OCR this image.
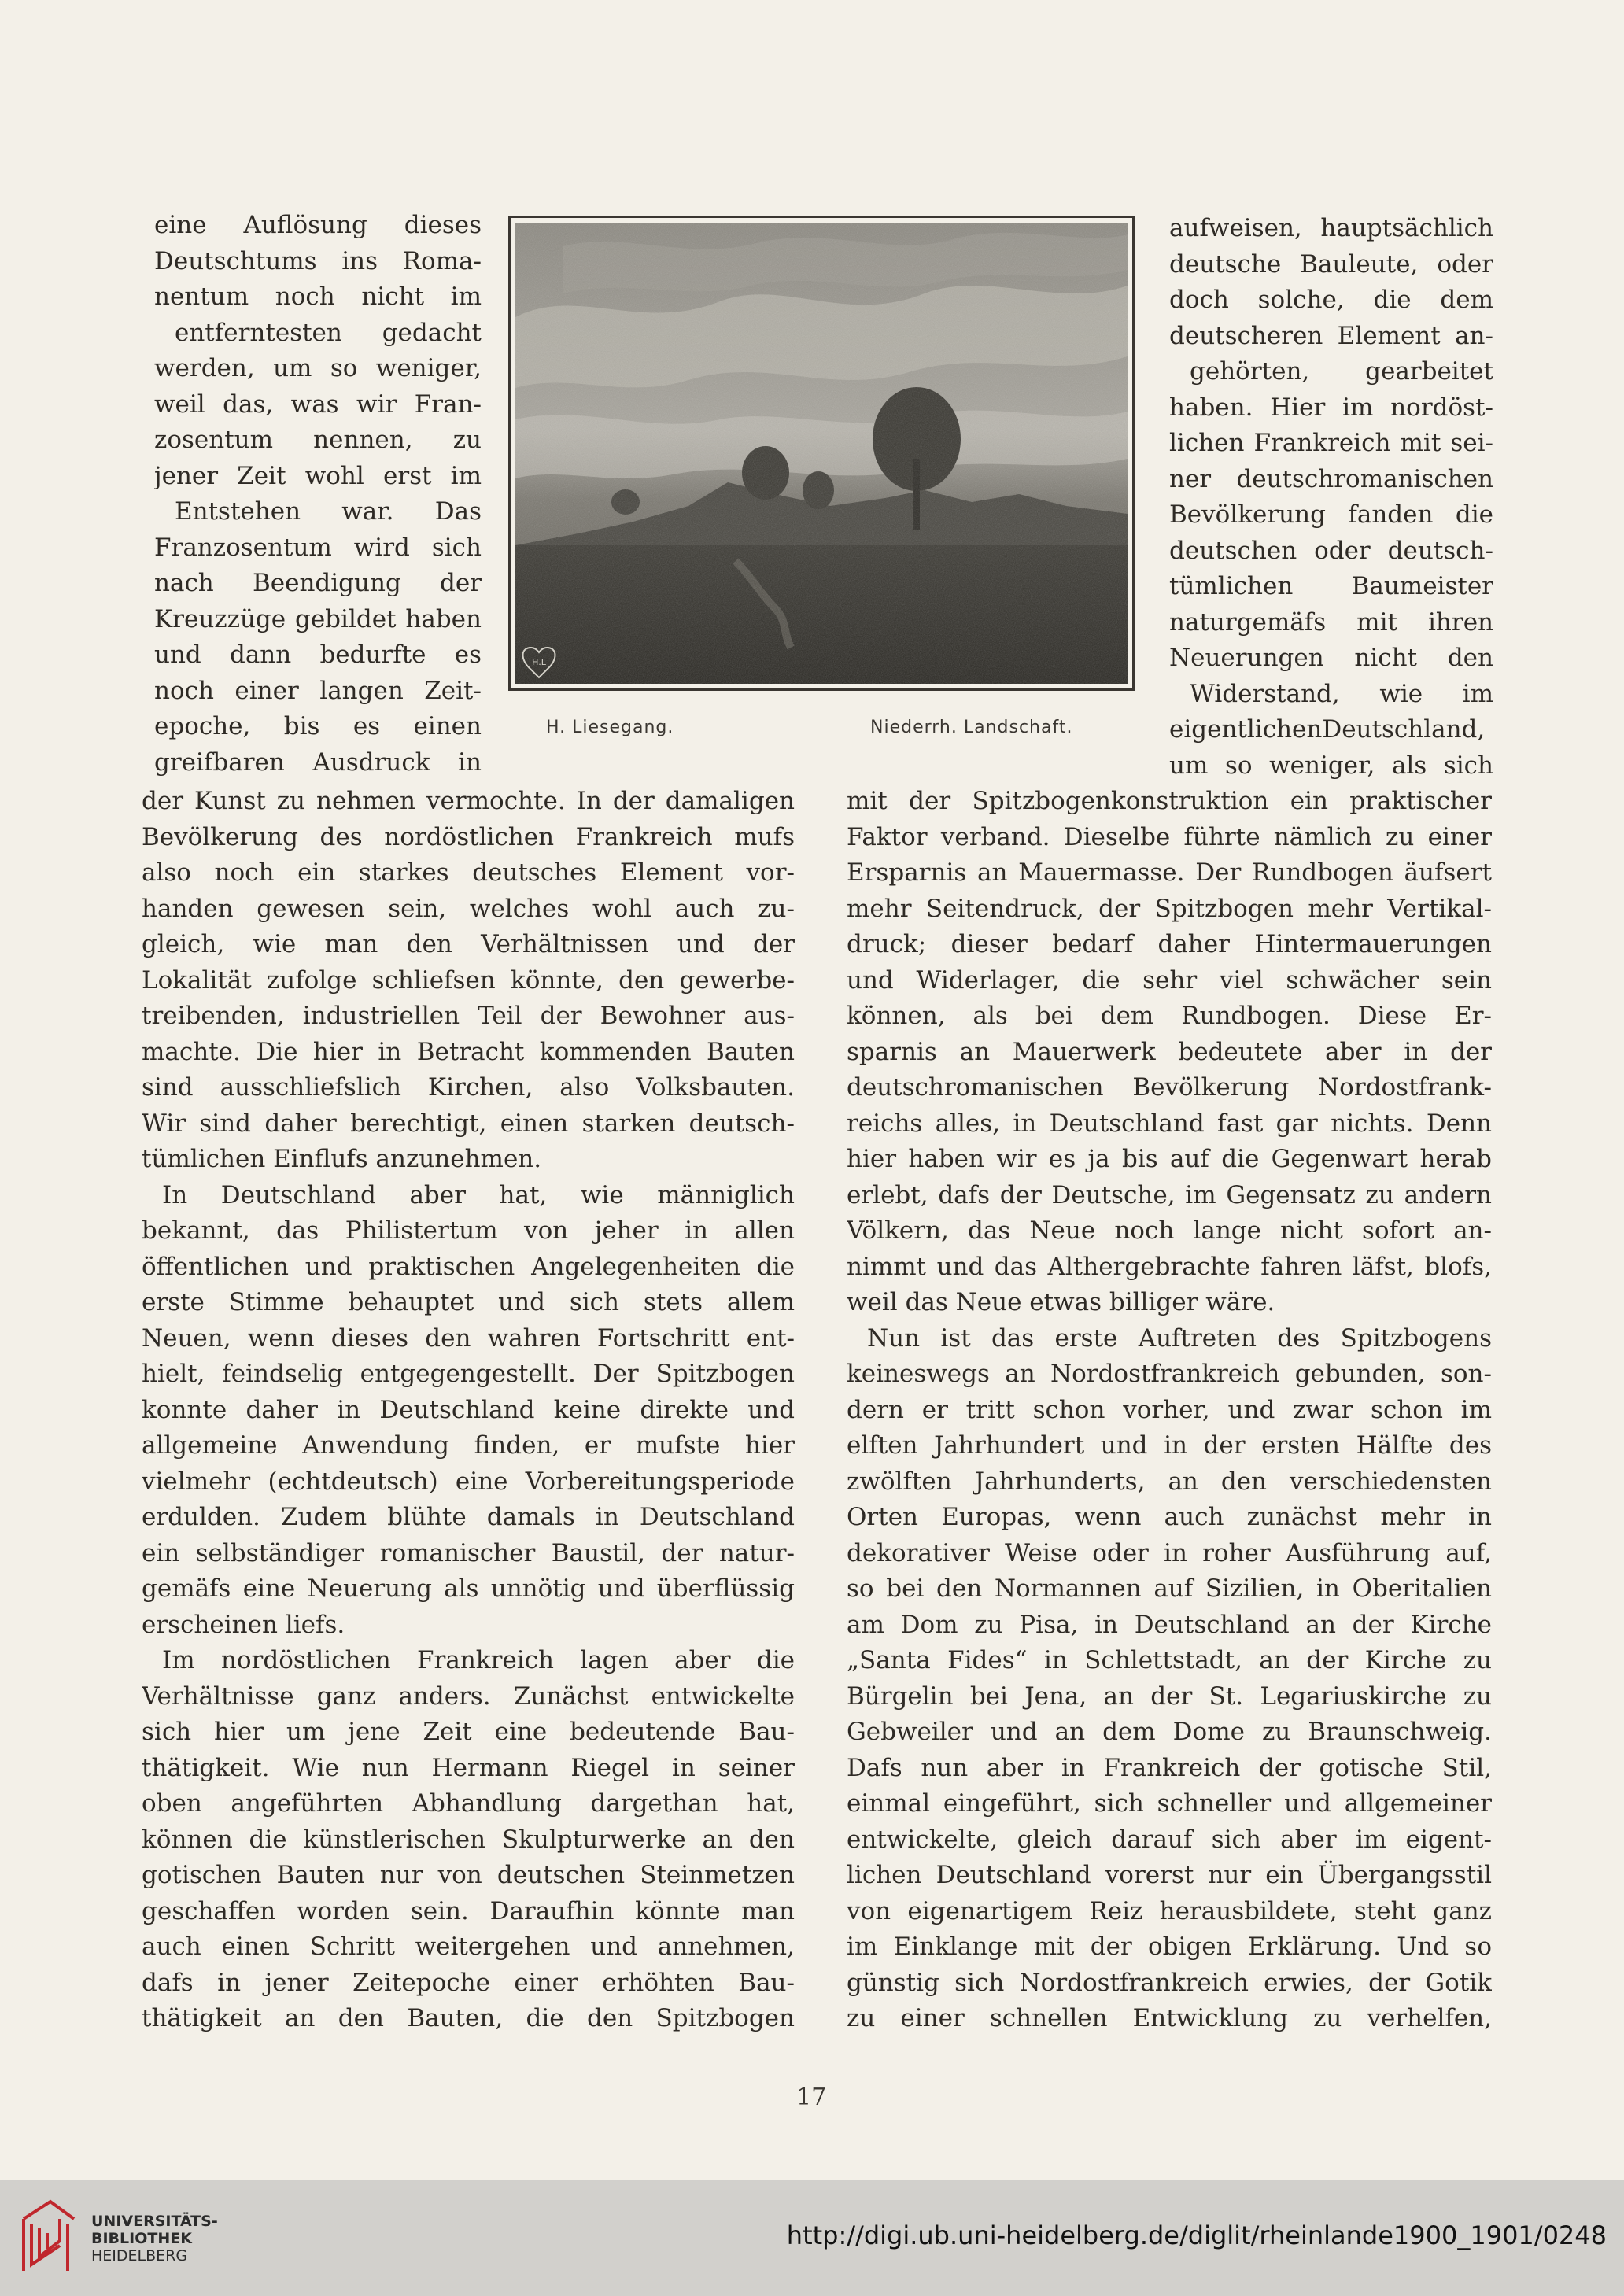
eine Auflösung dieses
Deutschtums ins Roma-
nentum noch nicht im
entferntesten gedacht
werden, um so weniger,
weil das, was wir Fran-
zosentum nennen, zu
jener Zeit wohl erst im
Entstehen war. Das
Franzosentum wird sich
nach Beendigung der
Kreuzzüge gebildet haben
und dann bedurfte es
noch einer langen Zeit-
epoche, bis es einen
greifbaren Ausdruck in
H.L
H. Liesegang.	Niederrh. Landschaft.
aufweisen, hauptsächlich
deutsche Bauleute, oder
doch solche, die dem
deutscheren Element an-
gehörten, gearbeitet
haben. Hier im nordöst-
lichen Frankreich mit sei-
ner deutschromanischen
Bevölkerung fanden die
deutschen oder deutsch-
tümlichen Baumeister
naturgemäfs mit ihren
Neuerungen nicht den
Widerstand, wie im
eigentlichenDeutschland,
um so weniger, als sich
der Kunst zu nehmen vermochte. In der damaligen
Bevölkerung des nordöstlichen Frankreich mufs
also noch ein starkes deutsches Element vor-
handen gewesen sein, welches wohl auch zu-
gleich, wie man den Verhältnissen und der
Lokalität zufolge schliefsen könnte, den gewerbe-
treibenden, industriellen Teil der Bewohner aus-
machte. Die hier in Betracht kommenden Bauten
sind ausschliefslich Kirchen, also Volksbauten.
Wir sind daher berechtigt, einen starken deutsch-
tümlichen Einflufs anzunehmen.
In Deutschland aber hat, wie männiglich
bekannt, das Philistertum von jeher in allen
öffentlichen und praktischen Angelegenheiten die
erste Stimme behauptet und sich stets allem
Neuen, wenn dieses den wahren Fortschritt ent-
hielt, feindselig entgegengestellt. Der Spitzbogen
konnte daher in Deutschland keine direkte und
allgemeine Anwendung finden, er mufste hier
vielmehr (echtdeutsch) eine Vorbereitungsperiode
erdulden. Zudem blühte damals in Deutschland
ein selbständiger romanischer Baustil, der natur-
gemäfs eine Neuerung als unnötig und überflüssig
erscheinen liefs.
Im nordöstlichen Frankreich lagen aber die
Verhältnisse ganz anders. Zunächst entwickelte
sich hier um jene Zeit eine bedeutende Bau-
thätigkeit. Wie nun Hermann Riegel in seiner
oben angeführten Abhandlung dargethan hat,
können die künstlerischen Skulpturwerke an den
gotischen Bauten nur von deutschen Steinmetzen
geschaffen worden sein. Daraufhin könnte man
auch einen Schritt weitergehen und annehmen,
dafs in jener Zeitepoche einer erhöhten Bau-
thätigkeit an den Bauten, die den Spitzbogen
mit der Spitzbogenkonstruktion ein praktischer
Faktor verband. Dieselbe führte nämlich zu einer
Ersparnis an Mauermasse. Der Rundbogen äufsert
mehr Seitendruck, der Spitzbogen mehr Vertikal-
druck; dieser bedarf daher Hintermauerungen
und Widerlager, die sehr viel schwächer sein
können, als bei dem Rundbogen. Diese Er-
sparnis an Mauerwerk bedeutete aber in der
deutschromanischen Bevölkerung Nordostfrank-
reichs alles, in Deutschland fast gar nichts. Denn
hier haben wir es ja bis auf die Gegenwart herab
erlebt, dafs der Deutsche, im Gegensatz zu andern
Völkern, das Neue noch lange nicht sofort an-
nimmt und das Althergebrachte fahren läfst, blofs,
weil das Neue etwas billiger wäre.
Nun ist das erste Auftreten des Spitzbogens
keineswegs an Nordostfrankreich gebunden, son-
dern er tritt schon vorher, und zwar schon im
elften Jahrhundert und in der ersten Hälfte des
zwölften Jahrhunderts, an den verschiedensten
Orten Europas, wenn auch zunächst mehr in
dekorativer Weise oder in roher Ausführung auf,
so bei den Normannen auf Sizilien, in Oberitalien
am Dom zu Pisa, in Deutschland an der Kirche
„Santa Fides“ in Schlettstadt, an der Kirche zu
Bürgelin bei Jena, an der St. Legariuskirche zu
Gebweiler und an dem Dome zu Braunschweig.
Dafs nun aber in Frankreich der gotische Stil,
einmal eingeführt, sich schneller und allgemeiner
entwickelte, gleich darauf sich aber im eigent-
lichen Deutschland vorerst nur ein Übergangsstil
von eigenartigem Reiz herausbildete, steht ganz
im Einklange mit der obigen Erklärung. Und so
günstig sich Nordostfrankreich erwies, der Gotik
zu einer schnellen Entwicklung zu verhelfen,
17
UNIVERSITÄTS-
BIBLIOTHEK
HEIDELBERG
http://digi.ub.uni-heidelberg.de/diglit/rheinlande1900_1901/0248
